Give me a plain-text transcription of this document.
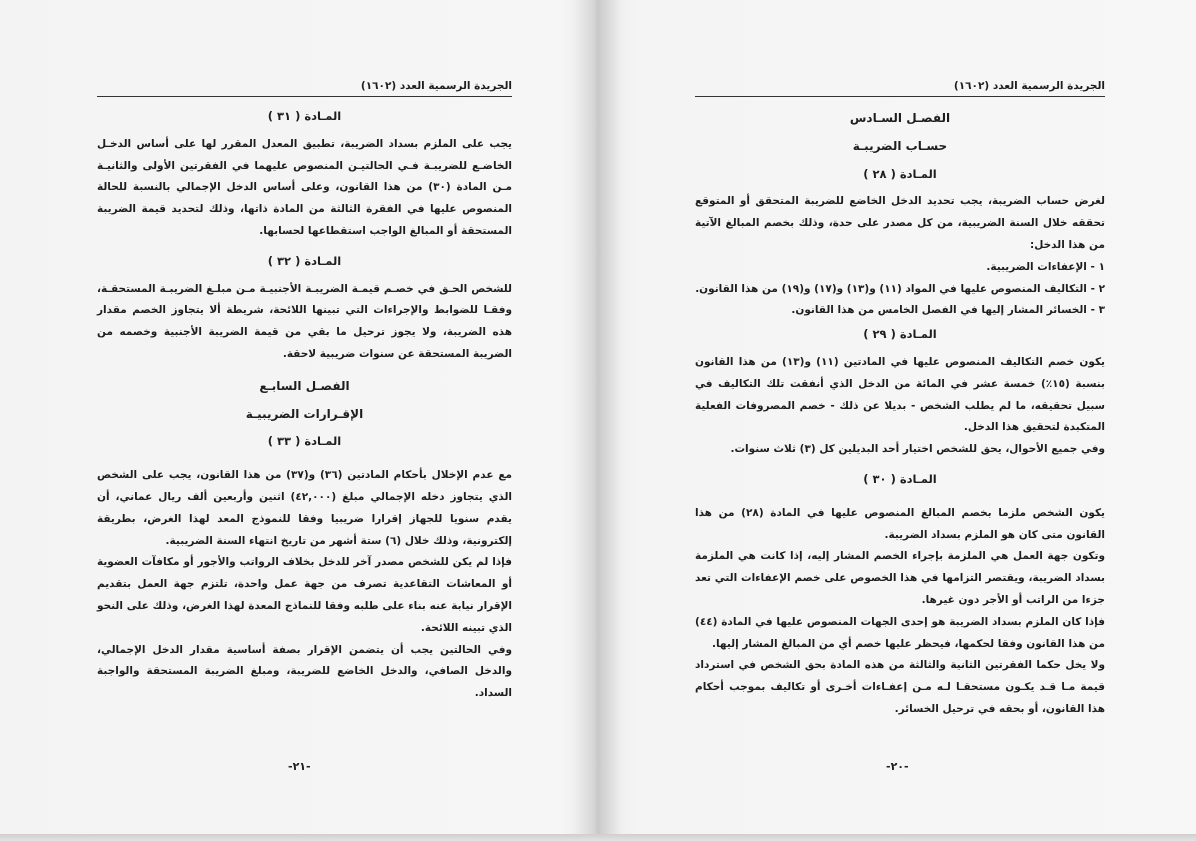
الجريدة الرسمية العدد (١٦٠٢)
المـادة ( ٣١ )

يجب على الملزم بسداد الضريبة، تطبيق المعدل المقرر لها على أساس الدخـل الخاضـع للضريبـة فـي الحالتيـن المنصوص عليهما في الفقرتين الأولى والثانيـة مـن المادة (٣٠) من هذا القانون، وعلى أساس الدخل الإجمالي بالنسبة للحالة المنصوص عليها في الفقرة الثالثة من المادة ذاتها، وذلك لتحديد قيمة الضريبة المستحقة أو المبالغ الواجب استقطاعها لحسابها.

المـادة ( ٣٢ )

للشخص الحـق في خصـم قيمـة الضريبـة الأجنبيـة مـن مبلـغ الضريبـة المستحقـة، وفقـا للضوابط والإجراءات التي تبينها اللائحة، شريطة ألا يتجاوز الخصم مقدار هذه الضريبة، ولا يجوز ترحيل ما بقي من قيمة الضريبة الأجنبية وخصمه من الضريبة المستحقة عن سنوات ضريبية لاحقة.

الفصـل السابـع
الإقـرارات الضريبيـة
المـادة ( ٣٣ )

مع عدم الإخلال بأحكام المادتين (٣٦) و(٣٧) من هذا القانون، يجب على الشخص الذي يتجاوز دخله الإجمالي مبلغ (٤٢,٠٠٠) اثنين وأربعين ألف ريال عماني، أن يقدم سنويا للجهاز إقرارا ضريبيا وفقا للنموذج المعد لهذا الغرض، بطريقة إلكترونية، وذلك خلال (٦) ستة أشهر من تاريخ انتهاء السنة الضريبية.

فإذا لم يكن للشخص مصدر آخر للدخل بخلاف الرواتب والأجور أو مكافآت العضوية أو المعاشات التقاعدية تصرف من جهة عمل واحدة، تلتزم جهة العمل بتقديم الإقرار نيابة عنه بناء على طلبه وفقا للنماذج المعدة لهذا الغرض، وذلك على النحو الذي تبينه اللائحة.

وفي الحالتين يجب أن يتضمن الإقرار بصفة أساسية مقدار الدخل الإجمالي، والدخل الصافي، والدخل الخاضع للضريبة، ومبلغ الضريبة المستحقة والواجبة السداد.

-٢١-
الجريدة الرسمية العدد (١٦٠٢)
الفصـل السـادس
حسـاب الضريبـة
المـادة ( ٢٨ )

لغرض حساب الضريبة، يجب تحديد الدخل الخاضع للضريبة المتحقق أو المتوقع تحققه خلال السنة الضريبية، من كل مصدر على حدة، وذلك بخصم المبالغ الآتية من هذا الدخل:

١ - الإعفاءات الضريبية.

٢ - التكاليف المنصوص عليها في المواد (١١) و(١٣) و(١٧) و(١٩) من هذا القانون.

٣ - الخسائر المشار إليها في الفصل الخامس من هذا القانون.

المـادة ( ٢٩ )

يكون خصم التكاليف المنصوص عليها في المادتين (١١) و(١٣) من هذا القانون بنسبة (١٥٪) خمسة عشر في المائة من الدخل الذي أنفقت تلك التكاليف في سبيل تحقيقه، ما لم يطلب الشخص - بديلا عن ذلك - خصم المصروفات الفعلية المتكبدة لتحقيق هذا الدخل.

وفي جميع الأحوال، يحق للشخص اختيار أحد البديلين كل (٣) ثلاث سنوات.

المـادة ( ٣٠ )

يكون الشخص ملزما بخصم المبالغ المنصوص عليها في المادة (٢٨) من هذا القانون متى كان هو الملزم بسداد الضريبة.

وتكون جهة العمل هي الملزمة بإجراء الخصم المشار إليه، إذا كانت هي الملزمة بسداد الضريبة، ويقتصر التزامها في هذا الخصوص على خصم الإعفاءات التي تعد جزءا من الراتب أو الأجر دون غيرها.

فإذا كان الملزم بسداد الضريبة هو إحدى الجهات المنصوص عليها في المادة (٤٤) من هذا القانون وفقا لحكمها، فيحظر عليها خصم أي من المبالغ المشار إليها.

ولا يخل حكما الفقرتين الثانية والثالثة من هذه المادة بحق الشخص في استرداد قيمة مـا قـد يكـون مستحقـا لـه مـن إعفـاءات أخـرى أو تكاليف بموجب أحكام هذا القانون، أو بحقه في ترحيل الخسائر.

-٢٠-
